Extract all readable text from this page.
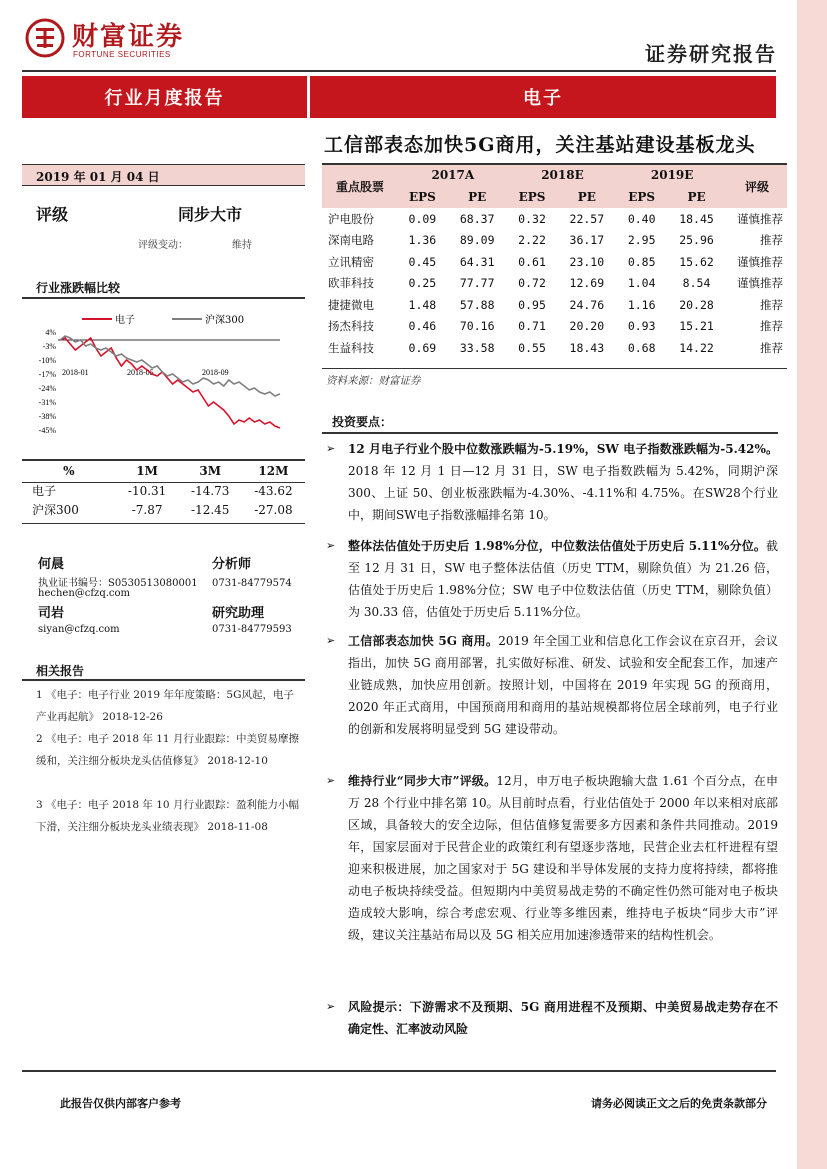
财富证券
FORTUNE SECURITIES	证券研究报告
行业月度报告	电子
工信部表态加快5G商用，关注基站建设基板龙头
2019 年 01 月 04 日
评级	同步大市
评级变动：	维持
行业涨跌幅比较
4%
-3%
-10%
-17%
-24%
-31%
-38%
-45%
2018-01	2018-05	2018-09
电子	沪深300
%	1M	3M	12M
电子	-10.31	-14.73	-43.62
沪深300	-7.87	-12.45	-27.08
何晨	分析师
执业证书编号：S0530513080001 0731-84779574
hechen@cfzq.com
司岩	研究助理
siyan@cfzq.com	0731-84779593
相关报告
1 《电子：电子行业 2019 年年度策略：5G风起，电子产业再起航》 2018-12-26
2 《电子：电子 2018 年 11 月行业跟踪：中美贸易摩擦缓和，关注细分板块龙头估值修复》 2018-12-10
3 《电子：电子 2018 年 10 月行业跟踪：盈利能力小幅下滑，关注细分板块龙头业绩表现》 2018-11-08
重点股票	2017A		2018E		2019E		评级
	EPS	PE	EPS	PE	EPS	PE	
沪电股份	0.09	68.37	0.32	22.57	0.40	18.45	谨慎推荐
深南电路	1.36	89.09	2.22	36.17	2.95	25.96	推荐
立讯精密	0.45	64.31	0.61	23.10	0.85	15.62	谨慎推荐
欧菲科技	0.25	77.77	0.72	12.69	1.04	8.54	谨慎推荐
捷捷微电	1.48	57.88	0.95	24.76	1.16	20.28	推荐
扬杰科技	0.46	70.16	0.71	20.20	0.93	15.21	推荐
生益科技	0.69	33.58	0.55	18.43	0.68	14.22	推荐
资料来源：财富证券
投资要点：
➢ 12 月电子行业个股中位数涨跌幅为-5.19%，SW 电子指数涨跌幅为-5.42%。2018 年 12 月 1 日—12 月 31 日，SW 电子指数跌幅为 5.42%，同期沪深 300、上证 50、创业板涨跌幅为-4.30%、-4.11%和 4.75%。在SW28个行业中，期间SW电子指数涨幅排名第 10。
➢ 整体法估值处于历史后 1.98%分位，中位数法估值处于历史后 5.11%分位。截至 12 月 31 日，SW 电子整体法估值（历史 TTM，剔除负值）为 21.26 倍，估值处于历史后 1.98%分位；SW 电子中位数法估值（历史 TTM，剔除负值）为 30.33 倍，估值处于历史后 5.11%分位。
➢ 工信部表态加快 5G 商用。2019 年全国工业和信息化工作会议在京召开，会议指出，加快 5G 商用部署，扎实做好标准、研发、试验和安全配套工作，加速产业链成熟，加快应用创新。按照计划，中国将在 2019 年实现 5G 的预商用，2020 年正式商用，中国预商用和商用的基站规模都将位居全球前列，电子行业的创新和发展将明显受到 5G 建设带动。
➢ 维持行业“同步大市”评级。12月，申万电子板块跑输大盘 1.61 个百分点，在申万 28 个行业中排名第 10。从目前时点看，行业估值处于 2000 年以来相对底部区域，具备较大的安全边际，但估值修复需要多方因素和条件共同推动。2019 年，国家层面对于民营企业的政策红利有望逐步落地，民营企业去杠杆进程有望迎来积极进展，加之国家对于 5G 建设和半导体发展的支持力度将持续，都将推动电子板块持续受益。但短期内中美贸易战走势的不确定性仍然可能对电子板块造成较大影响，综合考虑宏观、行业等多维因素，维持电子板块“同步大市”评级，建议关注基站布局以及 5G 相关应用加速渗透带来的结构性机会。
➢ 风险提示：下游需求不及预期、5G 商用进程不及预期、中美贸易战走势存在不确定性、汇率波动风险
此报告仅供内部客户参考	请务必阅读正文之后的免责条款部分
